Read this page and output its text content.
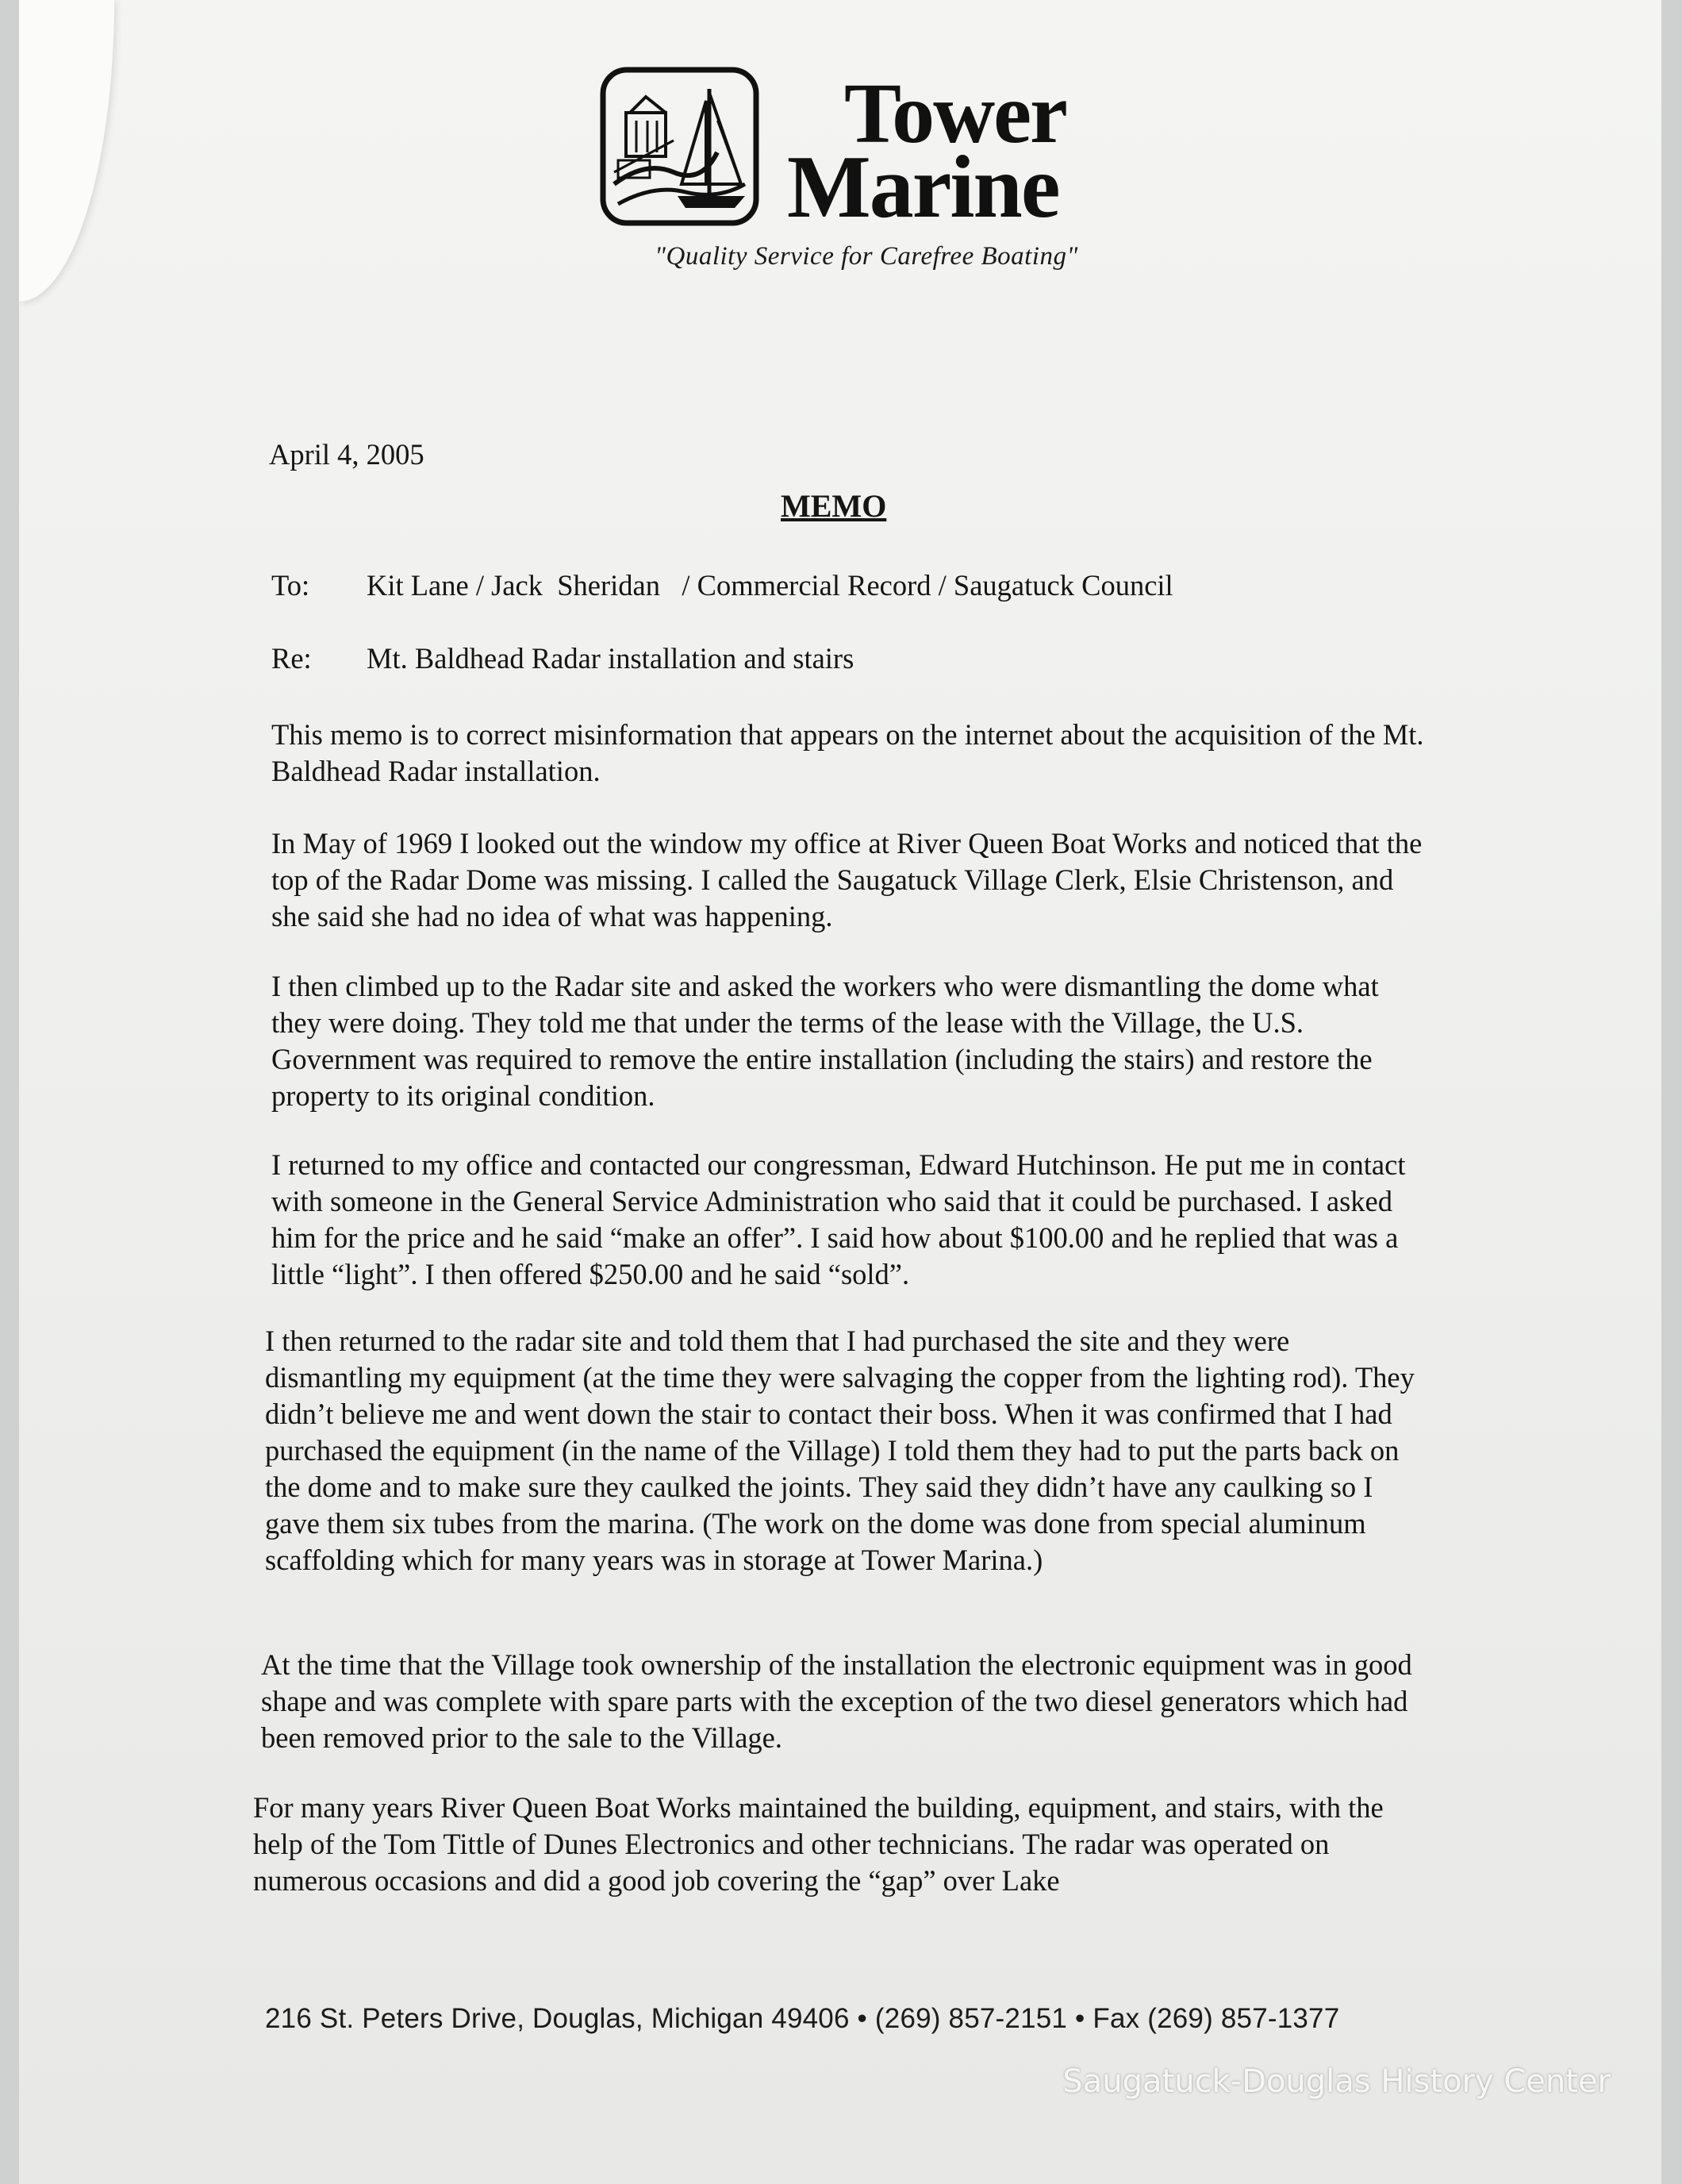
Tower
Marine
"Quality Service for Carefree Boating"
April 4, 2005
MEMO
To: Kit Lane / Jack  Sheridan   / Commercial Record / Saugatuck Council
Re: Mt. Baldhead Radar installation and stairs

This memo is to correct misinformation that appears on the internet about the acquisition of the Mt. Baldhead Radar installation.

In May of 1969 I looked out the window my office at River Queen Boat Works and noticed that the top of the Radar Dome was missing. I called the Saugatuck Village Clerk, Elsie Christenson, and she said she had no idea of what was happening.

I then climbed up to the Radar site and asked the workers who were dismantling the dome what they were doing. They told me that under the terms of the lease with the Village, the U.S. Government was required to remove the entire installation (including the stairs) and restore the property to its original condition.

I returned to my office and contacted our congressman, Edward Hutchinson. He put me in contact with someone in the General Service Administration who said that it could be purchased. I asked him for the price and he said “make an offer”. I said how about $100.00 and he replied that was a little “light”. I then offered $250.00 and he said “sold”.

I then returned to the radar site and told them that I had purchased the site and they were dismantling my equipment (at the time they were salvaging the copper from the lighting rod). They didn’t believe me and went down the stair to contact their boss. When it was confirmed that I had purchased the equipment (in the name of the Village) I told them they had to put the parts back on the dome and to make sure they caulked the joints. They said they didn’t have any caulking so I gave them six tubes from the marina. (The work on the dome was done from special aluminum scaffolding which for many years was in storage at Tower Marina.)

At the time that the Village took ownership of the installation the electronic equipment was in good shape and was complete with spare parts with the exception of the two diesel generators which had been removed prior to the sale to the Village.

For many years River Queen Boat Works maintained the building, equipment, and stairs, with the help of the Tom Tittle of Dunes Electronics and other technicians. The radar was operated on numerous occasions and did a good job covering the “gap” over Lake

216 St. Peters Drive, Douglas, Michigan 49406 • (269) 857-2151 • Fax (269) 857-1377
Saugatuck-Douglas History Center
